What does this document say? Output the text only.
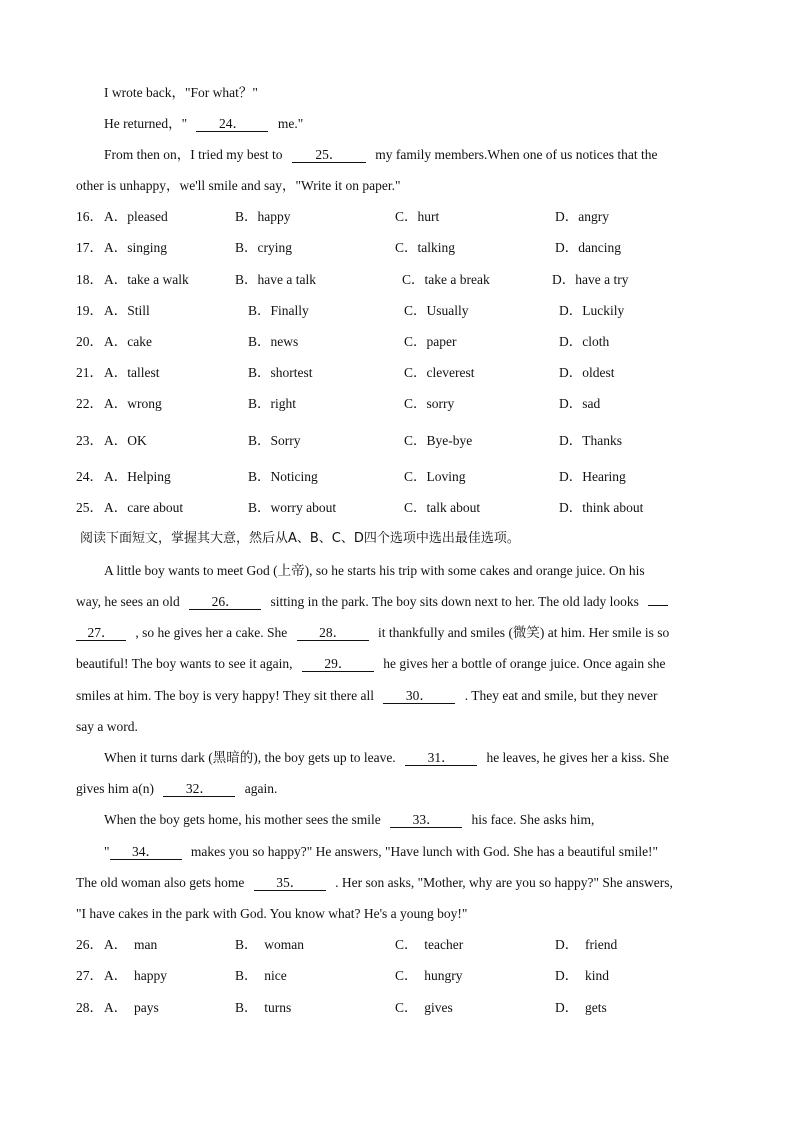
I wrote back，"For what？"
He returned，" 24． me."
From then on，I tried my best to 25． my family members.When one of us notices that the
other is unhappy，we'll smile and say，"Write it on paper."
16． A．pleased	B．happy	C．hurt	D．angry
17． A．singing	B．crying	C．talking	D．dancing
18． A．take a walk	B．have a talk	C．take a break	D．have a try
19． A．Still	B．Finally	C．Usually	D．Luckily
20． A．cake	B．news	C．paper	D．cloth
21． A．tallest	B．shortest	C．cleverest	D．oldest
22． A．wrong	B．right	C．sorry	D．sad
23． A．OK	B．Sorry	C．Bye-bye	D．Thanks
24． A．Helping	B．Noticing	C．Loving	D．Hearing
25． A．care about	B．worry about	C．talk about	D．think about
阅读下面短文，掌握其大意，然后从A、B、C、D四个选项中选出最佳选项。
A little boy wants to meet God (上帝), so he starts his trip with some cakes and orange juice. On his
way, he sees an old 26． sitting in the park. The boy sits down next to her. The old lady looks
27． , so he gives her a cake. She 28． it thankfully and smiles (微笑) at him. Her smile is so
beautiful! The boy wants to see it again, 29． he gives her a bottle of orange juice. Once again she
smiles at him. The boy is very happy! They sit there all 30． . They eat and smile, but they never
say a word.
When it turns dark (黑暗的), the boy gets up to leave. 31． he leaves, he gives her a kiss. She
gives him a(n) 32． again.
When the boy gets home, his mother sees the smile 33． his face. She asks him,
" 34． makes you so happy?" He answers, "Have lunch with God. She has a beautiful smile!"
The old woman also gets home 35． . Her son asks, "Mother, why are you so happy?" She answers,
"I have cakes in the park with God. You know what? He's a young boy!"
26． A．  man	B．  woman	C．  teacher	D．  friend
27． A．  happy	B．  nice	C．  hungry	D．  kind
28． A．  pays	B．  turns	C．  gives	D．  gets
